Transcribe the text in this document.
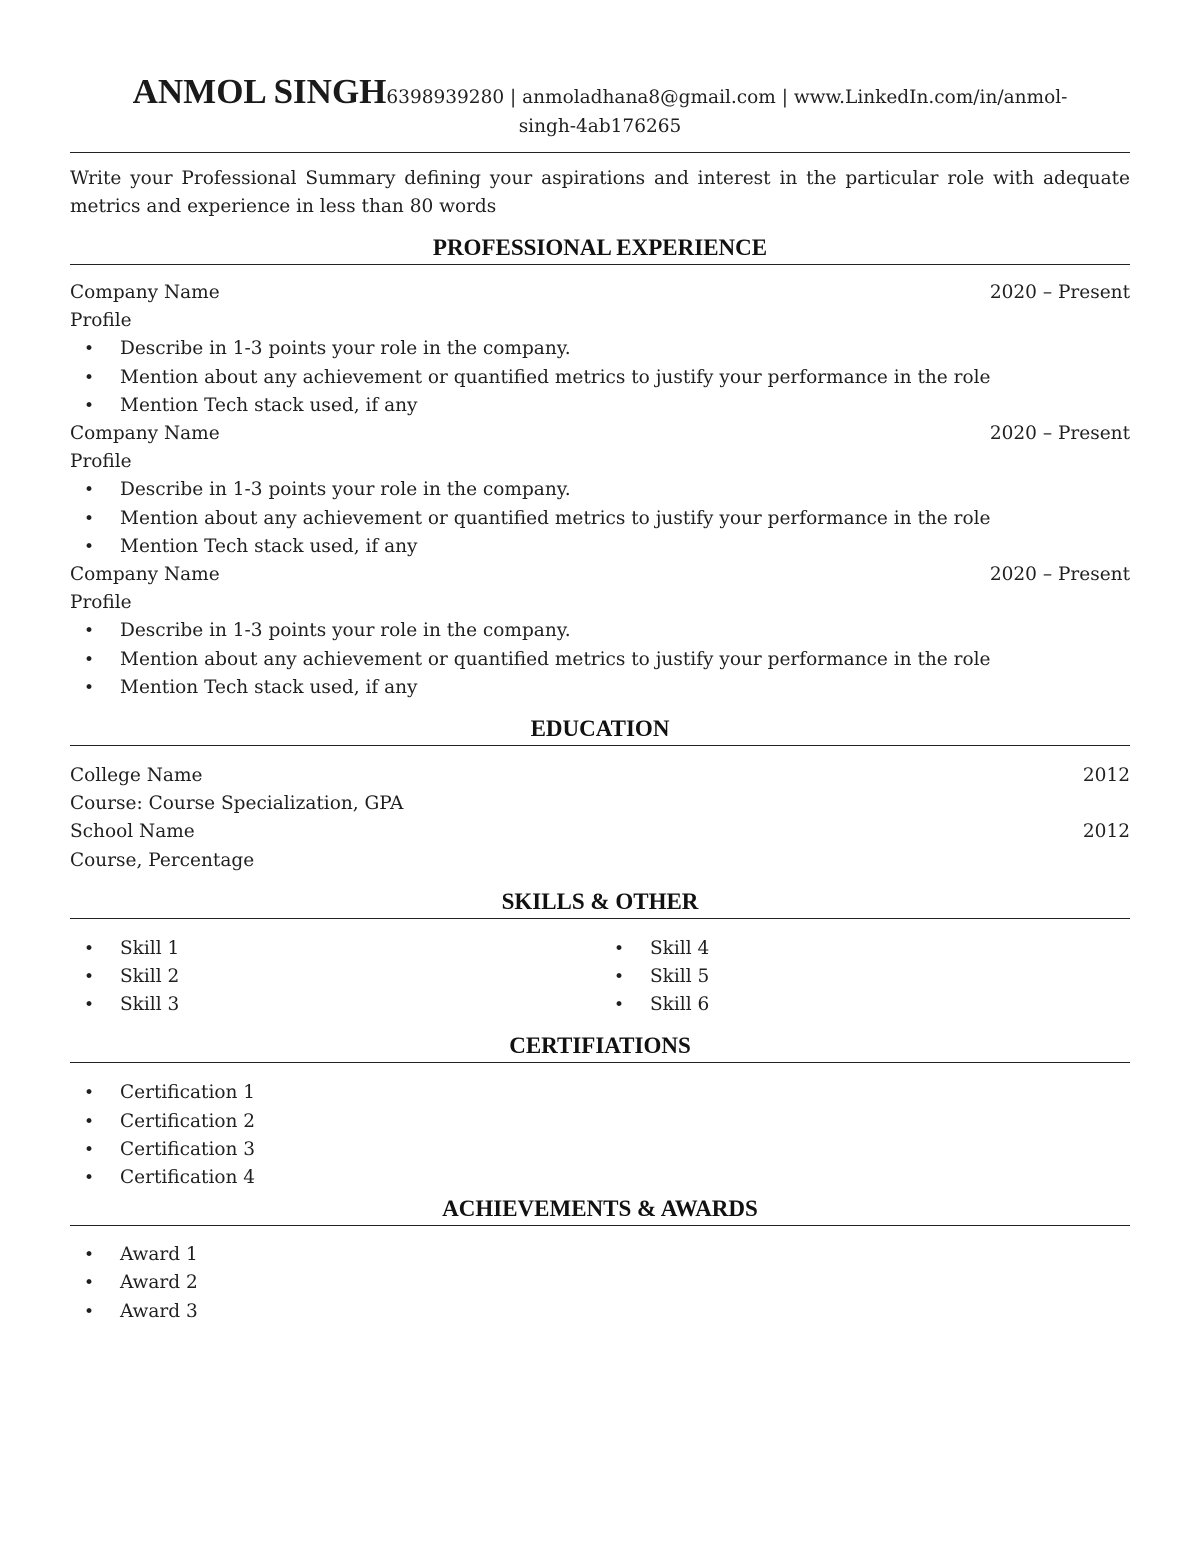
ANMOL SINGH6398939280 | anmoladhana8@gmail.com | www.LinkedIn.com/in/anmol-

singh-4ab176265

Write your Professional Summary defining your aspirations and interest in the particular role with adequate metrics and experience in less than 80 words

PROFESSIONAL EXPERIENCE
Company Name	2020 – Present
Profile
• Describe in 1-3 points your role in the company.
• Mention about any achievement or quantified metrics to justify your performance in the role
• Mention Tech stack used, if any
Company Name	2020 – Present
Profile
• Describe in 1-3 points your role in the company.
• Mention about any achievement or quantified metrics to justify your performance in the role
• Mention Tech stack used, if any
Company Name	2020 – Present
Profile
• Describe in 1-3 points your role in the company.
• Mention about any achievement or quantified metrics to justify your performance in the role
• Mention Tech stack used, if any
EDUCATION
College Name	2012
Course: Course Specialization, GPA
School Name	2012
Course, Percentage
SKILLS & OTHER
• Skill 1
• Skill 2
• Skill 3
• Skill 4
• Skill 5
• Skill 6
CERTIFIATIONS
• Certification 1
• Certification 2
• Certification 3
• Certification 4
ACHIEVEMENTS & AWARDS
• Award 1
• Award 2
• Award 3
